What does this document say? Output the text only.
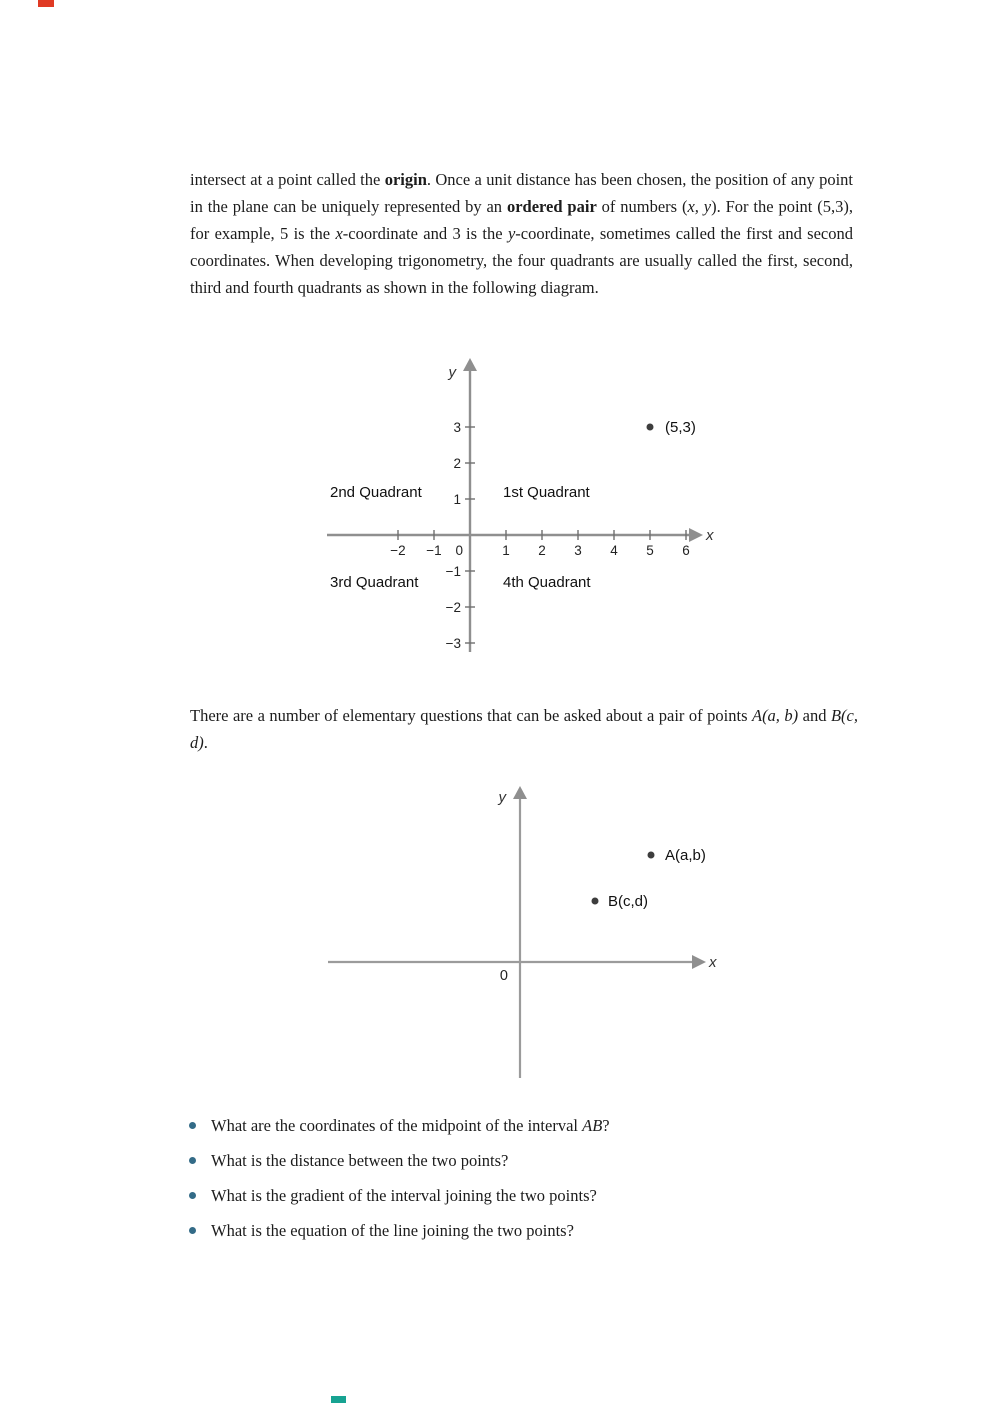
intersect at a point called the origin. Once a unit distance has been chosen, the position of any point in the plane can be uniquely represented by an ordered pair of numbers (x, y). For the point (5,3), for example, 5 is the x-coordinate and 3 is the y-coordinate, sometimes called the first and second coordinates. When developing trigonometry, the four quadrants are usually called the first, second, third and fourth quadrants as shown in the following diagram.

−2 −1	1 2 3 4 5 6
3
2
1
−1
−2
−3
0
y
x
2nd Quadrant	1st Quadrant
3rd Quadrant	4th Quadrant
(5,3)

There are a number of elementary questions that can be asked about a pair of points A(a, b) and B(c, d).

0
y
x
A(a,b)
B(c,d)
What are the coordinates of the midpoint of the interval AB?
What is the distance between the two points?
What is the gradient of the interval joining the two points?
What is the equation of the line joining the two points?
